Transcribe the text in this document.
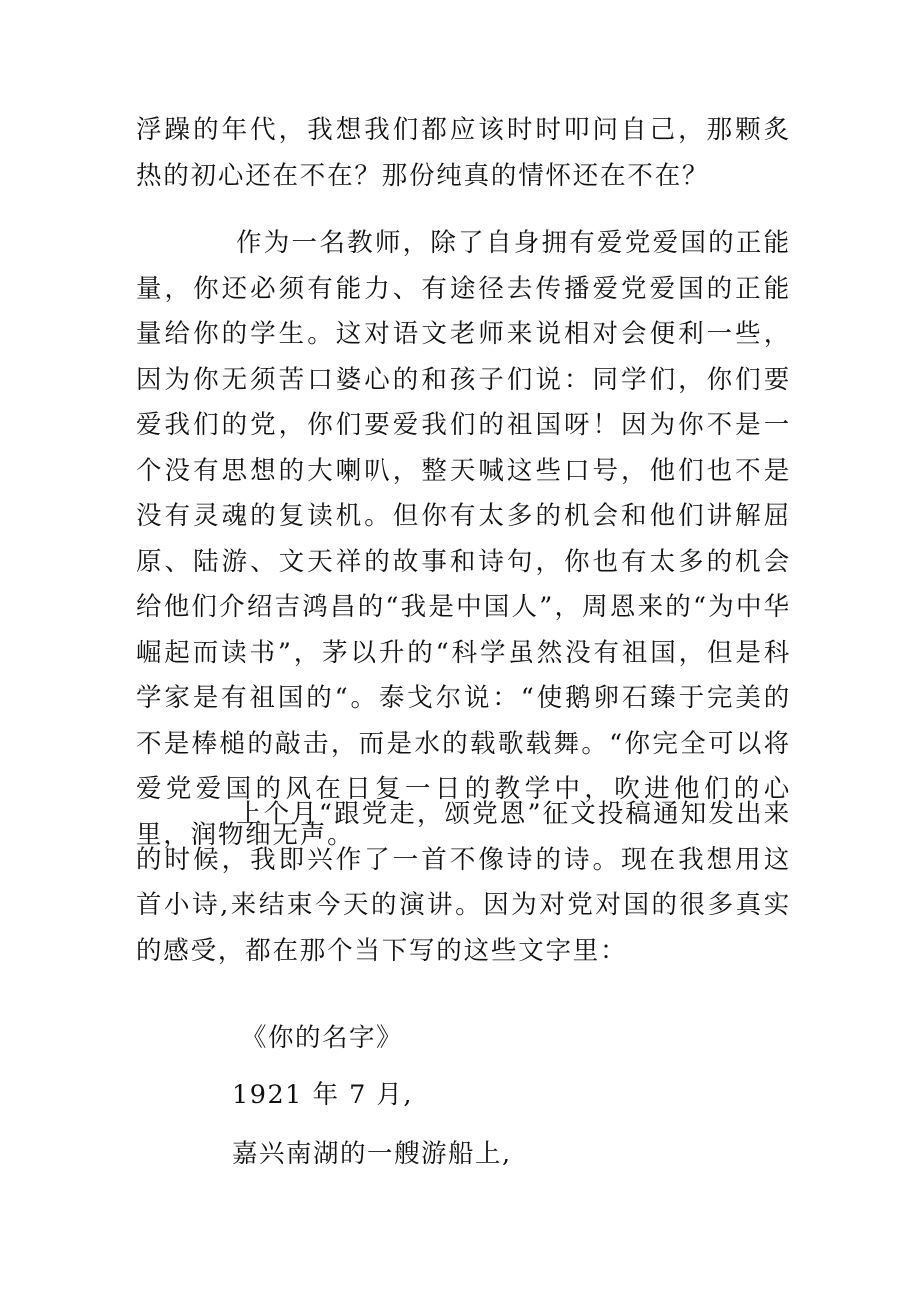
浮躁的年代，我想我们都应该时时叩问自己，那颗炙热的初心还在不在？那份纯真的情怀还在不在？

作为一名教师，除了自身拥有爱党爱国的正能量，你还必须有能力、有途径去传播爱党爱国的正能量给你的学生。这对语文老师来说相对会便利一些，因为你无须苦口婆心的和孩子们说：同学们，你们要爱我们的党，你们要爱我们的祖国呀！因为你不是一个没有思想的大喇叭，整天喊这些口号，他们也不是没有灵魂的复读机。但你有太多的机会和他们讲解屈原、陆游、文天祥的故事和诗句，你也有太多的机会给他们介绍吉鸿昌的“我是中国人”，周恩来的“为中华崛起而读书”，茅以升的“科学虽然没有祖国，但是科学家是有祖国的“。泰戈尔说：“使鹅卵石臻于完美的不是棒槌的敲击，而是水的载歌载舞。“你完全可以将爱党爱国的风在日复一日的教学中，吹进他们的心里，润物细无声。

上个月“跟党走，颂党恩”征文投稿通知发出来的时候，我即兴作了一首不像诗的诗。现在我想用这首小诗,来结束今天的演讲。因为对党对国的很多真实的感受，都在那个当下写的这些文字里：

《你的名字》

1921 年 7 月,

嘉兴南湖的一艘游船上,
